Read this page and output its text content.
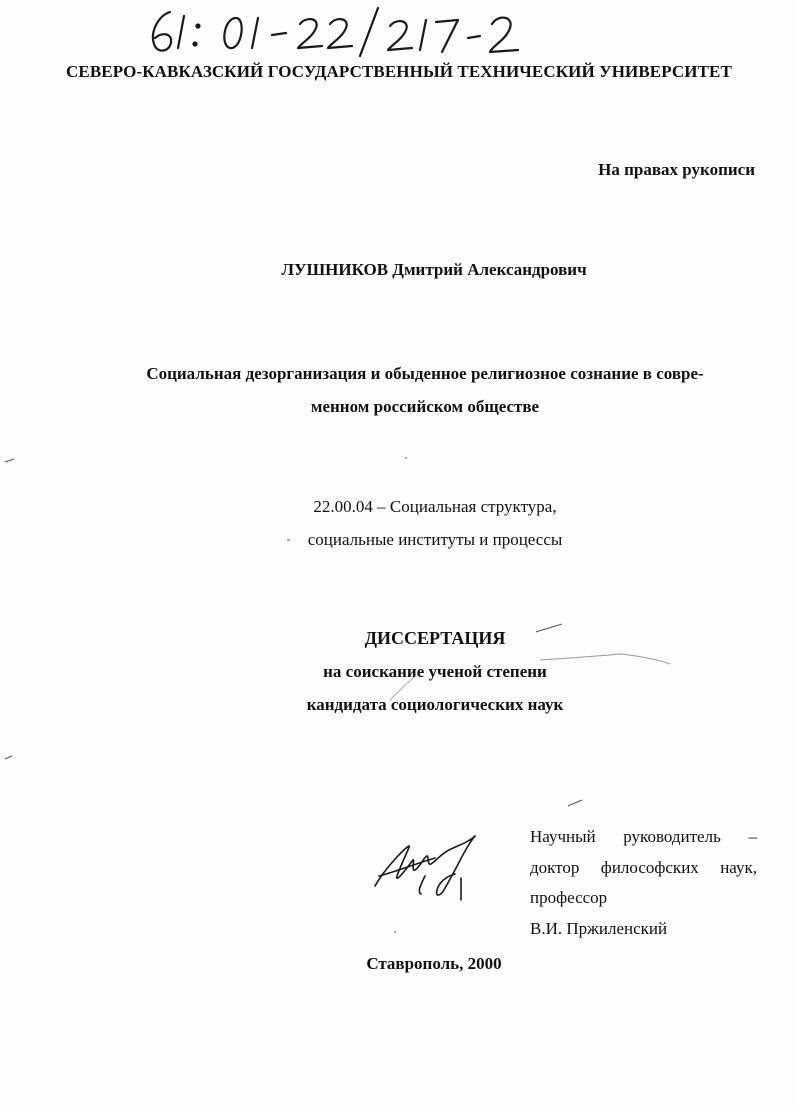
СЕВЕРО-КАВКАЗСКИЙ ГОСУДАРСТВЕННЫЙ ТЕХНИЧЕСКИЙ УНИВЕРСИТЕТ
На правах рукописи
ЛУШНИКОВ Дмитрий Александрович
Социальная дезорганизация и обыденное религиозное сознание в совре-
менном российском обществе
22.00.04 – Социальная структура,
социальные институты и процессы
ДИССЕРТАЦИЯ
на соискание ученой степени
кандидата социологических наук
Научный руководитель –
доктор философских наук,
профессор
В.И. Пржиленский
Ставрополь, 2000
